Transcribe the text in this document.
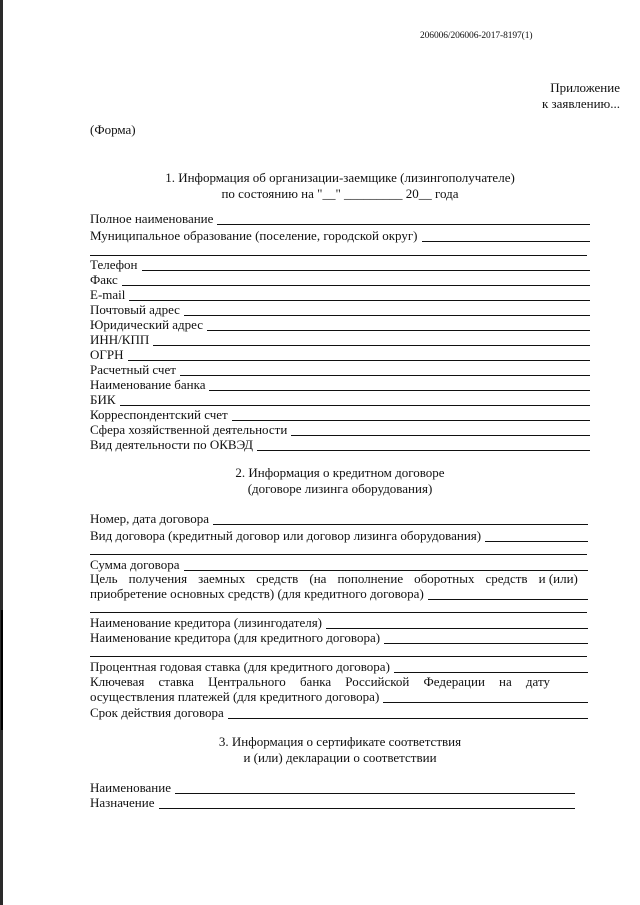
206006/206006-2017-8197(1)
Приложение
к заявлению...
(Форма)
1. Информация об организации-заемщике (лизингополучателе)
по состоянию на "__" _________ 20__ года
Полное наименование
Муниципальное образование (поселение, городской округ)
Телефон
Факс
E-mail
Почтовый адрес
Юридический адрес
ИНН/КПП
ОГРН
Расчетный счет
Наименование банка
БИК
Корреспондентский счет
Сфера хозяйственной деятельности
Вид деятельности по ОКВЭД
2. Информация о кредитном договоре
(договоре лизинга оборудования)
Номер, дата договора
Вид договора (кредитный договор или договор лизинга оборудования)
Сумма договора
Цель получения заемных средств (на пополнение оборотных средств и (или)
приобретение основных средств) (для кредитного договора)
Наименование кредитора (лизингодателя)
Наименование кредитора (для кредитного договора)
Процентная годовая ставка (для кредитного договора)
Ключевая ставка Центрального банка Российской Федерации на дату
осуществления платежей (для кредитного договора)
Срок действия договора
3. Информация о сертификате соответствия
и (или) декларации о соответствии
Наименование
Назначение
